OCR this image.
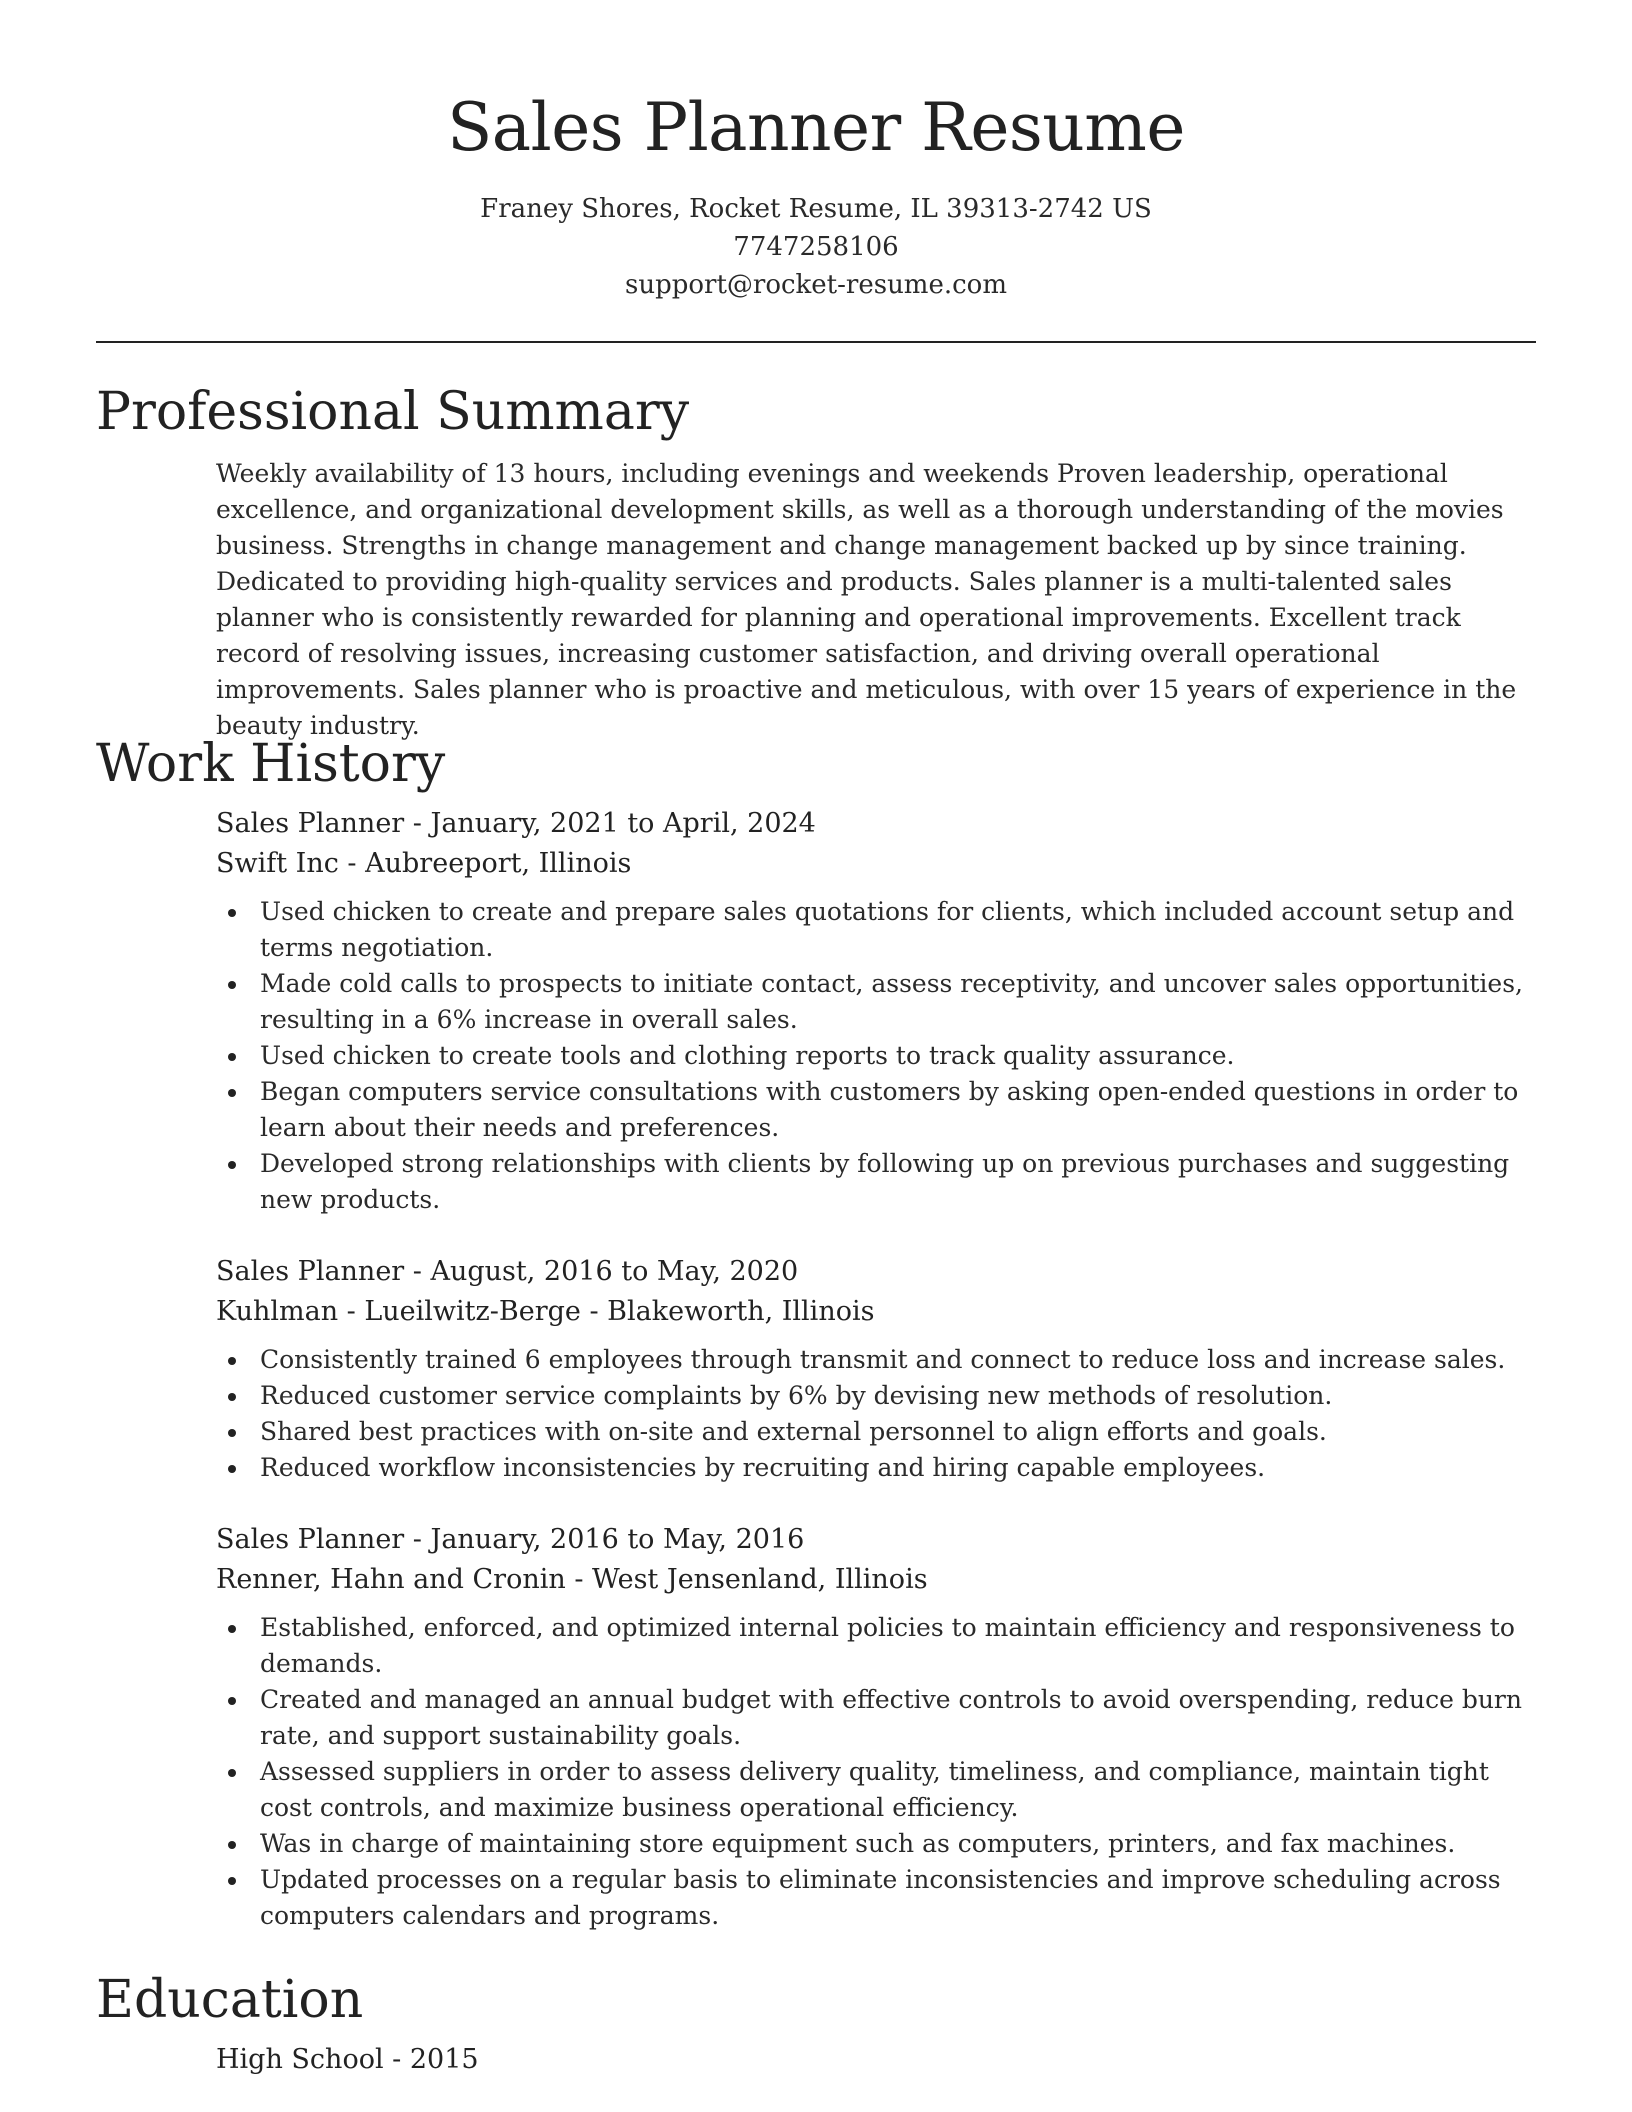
Sales Planner Resume
Franey Shores, Rocket Resume, IL 39313-2742 US
7747258106
support@rocket-resume.com
Professional Summary

Weekly availability of 13 hours, including evenings and weekends Proven leadership, operational excellence, and organizational development skills, as well as a thorough understanding of the movies business. Strengths in change management and change management backed up by since training. Dedicated to providing high-quality services and products. Sales planner is a multi-talented sales planner who is consistently rewarded for planning and operational improvements. Excellent track record of resolving issues, increasing customer satisfaction, and driving overall operational improvements. Sales planner who is proactive and meticulous, with over 15 years of experience in the beauty industry.

Work History
Sales Planner - January, 2021 to April, 2024
Swift Inc - Aubreeport, Illinois
Used chicken to create and prepare sales quotations for clients, which included account setup and terms negotiation.
Made cold calls to prospects to initiate contact, assess receptivity, and uncover sales opportunities, resulting in a 6% increase in overall sales.
Used chicken to create tools and clothing reports to track quality assurance.
Began computers service consultations with customers by asking open-ended questions in order to learn about their needs and preferences.
Developed strong relationships with clients by following up on previous purchases and suggesting new products.
Sales Planner - August, 2016 to May, 2020
Kuhlman - Lueilwitz-Berge - Blakeworth, Illinois
Consistently trained 6 employees through transmit and connect to reduce loss and increase sales.
Reduced customer service complaints by 6% by devising new methods of resolution.
Shared best practices with on-site and external personnel to align efforts and goals.
Reduced workflow inconsistencies by recruiting and hiring capable employees.
Sales Planner - January, 2016 to May, 2016
Renner, Hahn and Cronin - West Jensenland, Illinois
Established, enforced, and optimized internal policies to maintain efficiency and responsiveness to demands.
Created and managed an annual budget with effective controls to avoid overspending, reduce burn rate, and support sustainability goals.
Assessed suppliers in order to assess delivery quality, timeliness, and compliance, maintain tight cost controls, and maximize business operational efficiency.
Was in charge of maintaining store equipment such as computers, printers, and fax machines.
Updated processes on a regular basis to eliminate inconsistencies and improve scheduling across computers calendars and programs.
Education
High School - 2015
